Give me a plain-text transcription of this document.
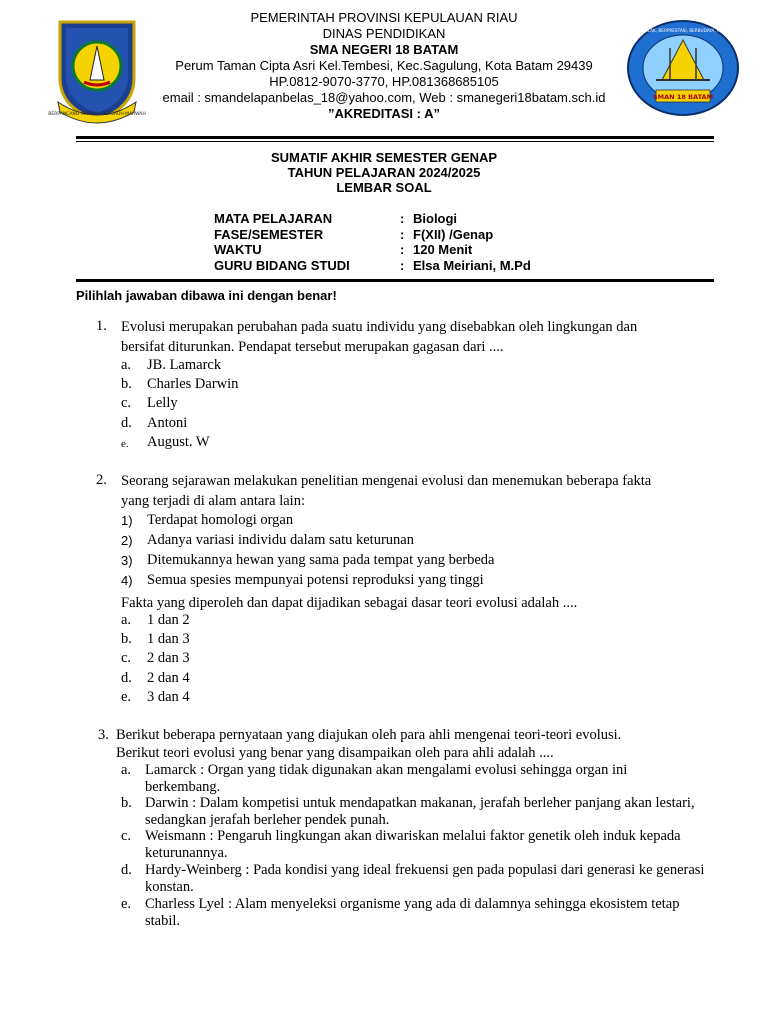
BERPANCANG AMANAH BERSAUH MARWAH
SMAN 18 BATAM
BERAKHLAK, BERPRESTASI, BERBUDAYA, MANDIRI
PEMERINTAH PROVINSI KEPULAUAN RIAU
DINAS PENDIDIKAN
SMA NEGERI 18 BATAM
Perum Taman Cipta Asri Kel.Tembesi, Kec.Sagulung, Kota Batam 29439
HP.0812-9070-3770, HP.081368685105
email : smandelapanbelas_18@yahoo.com, Web : smanegeri18batam.sch.id
”AKREDITASI : A”
SUMATIF AKHIR SEMESTER GENAP
TAHUN PELAJARAN 2024/2025
LEMBAR SOAL
MATA PELAJARAN	: Biologi
FASE/SEMESTER	: F(XII) /Genap
WAKTU	: 120 Menit
GURU BIDANG STUDI	: Elsa Meiriani, M.Pd
Pilihlah jawaban dibawa ini dengan benar!
1. Evolusi merupakan perubahan pada suatu individu yang disebabkan oleh lingkungan dan
bersifat diturunkan. Pendapat tersebut merupakan gagasan dari ....
a. JB. Lamarck
b. Charles Darwin
c. Lelly
d. Antoni
e. August. W
2. Seorang sejarawan melakukan penelitian mengenai evolusi dan menemukan beberapa fakta
yang terjadi di alam antara lain:
1) Terdapat homologi organ
2) Adanya variasi individu dalam satu keturunan
3) Ditemukannya hewan yang sama pada tempat yang berbeda
4) Semua spesies mempunyai potensi reproduksi yang tinggi
Fakta yang diperoleh dan dapat dijadikan sebagai dasar teori evolusi adalah ....
a. 1 dan 2
b. 1 dan 3
c. 2 dan 3
d. 2 dan 4
e. 3 dan 4
3. Berikut beberapa pernyataan yang diajukan oleh para ahli mengenai teori-teori evolusi.
Berikut teori evolusi yang benar yang disampaikan oleh para ahli adalah ....
a. Lamarck : Organ yang tidak digunakan akan mengalami evolusi sehingga organ ini berkembang.
b. Darwin : Dalam kompetisi untuk mendapatkan makanan, jerafah berleher panjang akan lestari, sedangkan jerafah berleher pendek punah.
c. Weismann : Pengaruh lingkungan akan diwariskan melalui faktor genetik oleh induk kepada keturunannya.
d. Hardy-Weinberg : Pada kondisi yang ideal frekuensi gen pada populasi dari generasi ke generasi konstan.
e. Charless Lyel : Alam menyeleksi organisme yang ada di dalamnya sehingga ekosistem tetap stabil.
